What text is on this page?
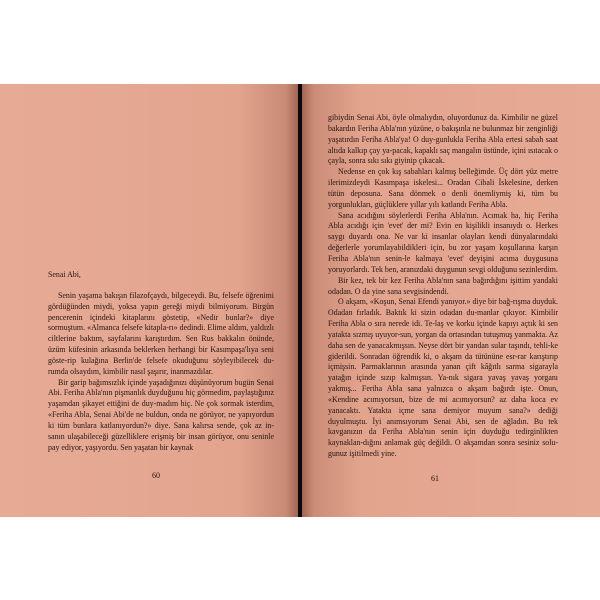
Senai Abi,

Senin yaşama bakışın filazofçaydı, bilgeceydi. Bu, felsefe öğrenimi gördüğünden miydi, yoksa yapın gereği miydi bilmiyorum. Birgün pencerenin içindeki kitaplarını göstetip, «Nedir bunlar?» diye sormuştum. «Almanca felsefe kitapla-rı» dedindi. Elime aldım, yaldızlı ciltlerine baktım, sayfalarını karıştırdım. Sen Rus bakkalın önünde, üzüm küfesinin arkasında beklerken herhangi bir Kasımpaşa'lıya seni göste-rip kulağına Berlin'de felsefe okuduğunu söyleyibilecek du-rumda olsaydım, kimbilir nasıl şaşırır, inanmazdılar.

Bir garip bağımsızlık içinde yaşadığınızı düşünüyorum bugün Senai Abi. Feriha Abla'nın pişmanlık duyduğunu hiç görmedim, paylaştığınız yaşamdan şikayet ettiğini de duy-madım hiç. Ne çok sormak isterdim, «Feriha Abla, Senai Abi'de ne buldun, onda ne görüyor, ne yapıyordun ki tüm bunlara katlanıyordun?» diye. Sana kalırsa sende, çok az in-sanın ulaşabileceği güzelliklere erişmiş bir insan görüyor, onu seninle pay ediyor, yaşıyordu. Sen yaşatan bir kaynak

60

gibiydin Senai Abi, öyle olmalıydın, oluyordunuz da. Kimbilir ne güzel bakardın Feriha Abla'nın yüzüne, o bakışınla ne bulunmaz bir zenginliği yaşatırdın Feriha Abla'ya! O duy-gunlukla Feriha Abla ertesi sabah saat altıda kalkıp çay ya-pacak, kapaklı saç mangalın üstünde, içini ısıtacak o çayla, sonra sıkı sıkı giyinip çıkacak.

Nedense en çok kış sabahları kalmış belleğimde. Üç dört yüz metre ilerimizdeydi Kasımpaşa iskelesi... Oradan Cibali İskelesine, derken tütün deposuna. Sana dönmek o denli önemliymiş ki, tüm bu yorgunlukları, güçlüklere yıllar yılı katlandı Feriha Abla.

Sana acıdığını söylerlerdi Feriha Abla'nın. Acımak ha, hiç Feriha Abla acıdığı için 'evet' der mi? Evin en kişilikli insanıydı o. Herkes saygı duyardı ona. Ne var ki insanlar olayları kendi dünyalarındaki değerlerle yorumlayabildikleri için, bu zor yaşam koşullarına karşın Feriha Abla'nın senin-le kalmaya 'evet' deyişini acıma duygusuna yoruyorlardı. Tek ben, aranızdaki duygunun sevgi olduğunu sezinlerdim.

Bir kez, tek bir kez Feriha Abla'nın sana bağırdığını işittim yandaki odadan. O da yine sana sevgisindendi.

O akşam, «Koşun, Senai Efendi yanıyor.» diye bir bağ-rışma duyduk. Odadan fırladık. Baktık ki sizin odadan du-manlar çıkıyor. Kimbilir Feriha Abla o sıra nerede idi. Te-laş ve korku içinde kapıyı açtık ki sen yatakta sızmış uyuyor-sun, yorgan da ortasından tutuşmuş yanmakta. Az daha sen de yanacakmışsın. Neyse dört bir yandan sular taşındı, tehli-ke giderildi. Sonradan öğrendik ki, o akşam da tütününe esr-rar karıştırıp içmişsin. Parmaklarının arasında yanan çift kâğıtlı sarma sigarayla yatağın içinde sızıp kalmışsın. Ya-nık sigara yavaş yavaş yorganı yakmış... Feriha Abla sana yalnızca o akşam bağırdı işte. Onun, «Kendine acımıyorsun, bize de mi acımıyorsun? az daha koca ev yanacaktı. Yatakta içme sana demiyor muyum sana?» dediği duyulmuştu. İyi anımsıyorum Senai Abi, sen de ağladın. Bu tek kavganızın da Feriha Abla'nın senin için duyduğu tedirginlikten kaynaklan-dığını anlamak güç değildi. O akşamdan sonra sesiniz solu-gunuz işitilmedi yine.

61
